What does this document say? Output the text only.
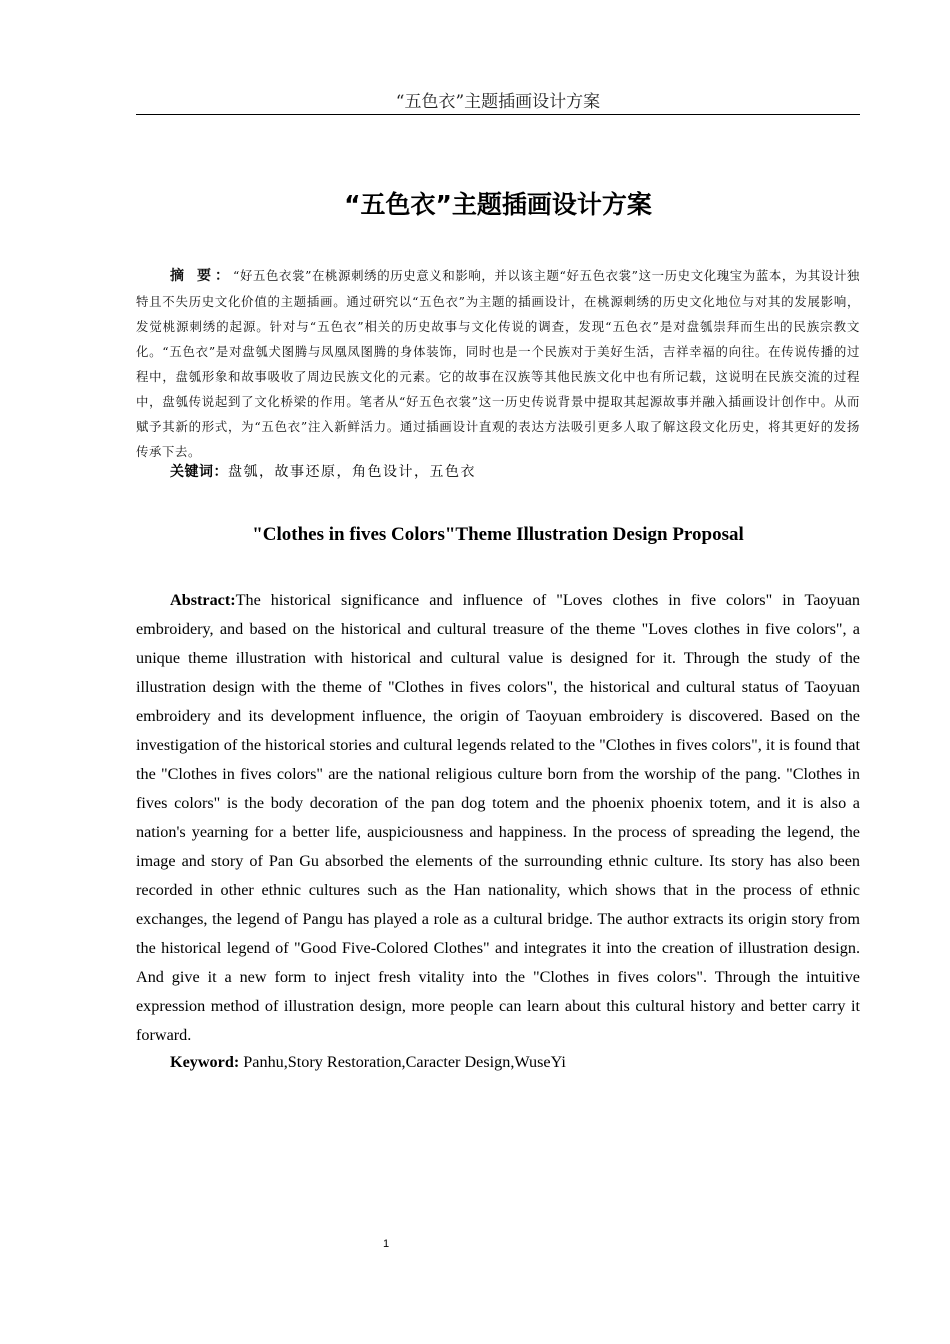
“五色衣”主题插画设计方案
“五色衣”主题插画设计方案
摘 要：“好五色衣裳”在桃源刺绣的历史意义和影响，并以该主题“好五色衣裳”这一历史文化瑰宝为蓝本，为其设计独特且不失历史文化价值的主题插画。通过研究以“五色衣”为主题的插画设计，在桃源刺绣的历史文化地位与对其的发展影响，发觉桃源刺绣的起源。针对与“五色衣”相关的历史故事与文化传说的调查，发现“五色衣”是对盘瓠崇拜而生出的民族宗教文化。“五色衣”是对盘瓠犬图腾与凤凰凤图腾的身体装饰，同时也是一个民族对于美好生活，吉祥幸福的向往。在传说传播的过程中，盘瓠形象和故事吸收了周边民族文化的元素。它的故事在汉族等其他民族文化中也有所记载，这说明在民族交流的过程中，盘瓠传说起到了文化桥梁的作用。笔者从“好五色衣裳”这一历史传说背景中提取其起源故事并融入插画设计创作中。从而赋予其新的形式，为“五色衣”注入新鲜活力。通过插画设计直观的表达方法吸引更多人取了解这段文化历史，将其更好的发扬传承下去。
关键词：盘瓠，故事还原，角色设计，五色衣
"Clothes in fives Colors"Theme Illustration Design Proposal
Abstract:The historical significance and influence of "Loves clothes in five colors" in Taoyuan embroidery, and based on the historical and cultural treasure of the theme "Loves clothes in five colors", a unique theme illustration with historical and cultural value is designed for it. Through the study of the illustration design with the theme of "Clothes in fives colors", the historical and cultural status of Taoyuan embroidery and its development influence, the origin of Taoyuan embroidery is discovered. Based on the investigation of the historical stories and cultural legends related to the "Clothes in fives colors", it is found that the "Clothes in fives colors" are the national religious culture born from the worship of the pang. "Clothes in fives colors" is the body decoration of the pan dog totem and the phoenix phoenix totem, and it is also a nation's yearning for a better life, auspiciousness and happiness. In the process of spreading the legend, the image and story of Pan Gu absorbed the elements of the surrounding ethnic culture. Its story has also been recorded in other ethnic cultures such as the Han nationality, which shows that in the process of ethnic exchanges, the legend of Pangu has played a role as a cultural bridge. The author extracts its origin story from the historical legend of "Good Five-Colored Clothes" and integrates it into the creation of illustration design. And give it a new form to inject fresh vitality into the "Clothes in fives colors". Through the intuitive expression method of illustration design, more people can learn about this cultural history and better carry it forward.
Keyword: Panhu,Story Restoration,Caracter Design,WuseYi
1
